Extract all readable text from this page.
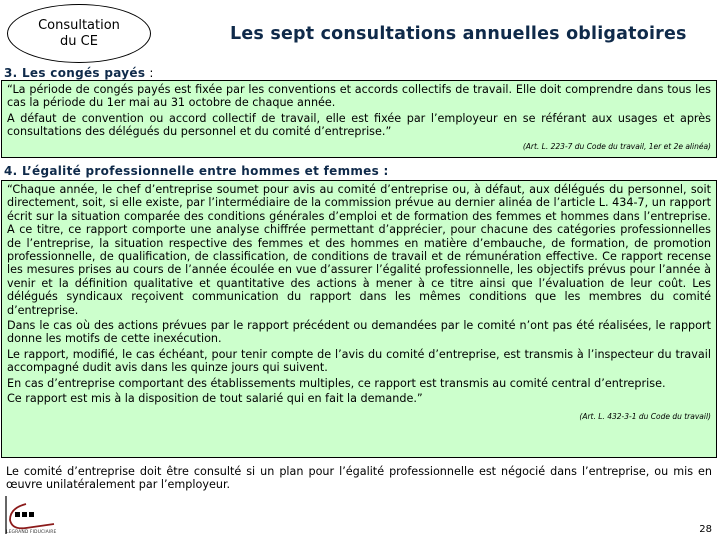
Consultation
du CE	Les sept consultations annuelles obligatoires
3. Les congés payés :

“La période de congés payés est fixée par les conventions et accords collectifs de travail. Elle doit comprendre dans tous les cas la période du 1er mai au 31 octobre de chaque année.

A défaut de convention ou accord collectif de travail, elle est fixée par l’employeur en se référant aux usages et après consultations des délégués du personnel et du comité d’entreprise.”

(Art. L. 223-7 du Code du travail, 1er et 2e alinéa)
4. L’égalité professionnelle entre hommes et femmes :

“Chaque année, le chef d’entreprise soumet pour avis au comité d’entreprise ou, à défaut, aux délégués du personnel, soit directement, soit, si elle existe, par l’intermédiaire de la commission prévue au dernier alinéa de l’article L. 434-7, un rapport écrit sur la situation comparée des conditions générales d’emploi et de formation des femmes et hommes dans l’entreprise. A ce titre, ce rapport comporte une analyse chiffrée permettant d’apprécier, pour chacune des catégories professionnelles de l’entreprise, la situation respective des femmes et des hommes en matière d’embauche, de formation, de promotion professionnelle, de qualification, de classification, de conditions de travail et de rémunération effective. Ce rapport recense les mesures prises au cours de l’année écoulée en vue d’assurer l’égalité professionnelle, les objectifs prévus pour l’année à venir et la définition qualitative et quantitative des actions à mener à ce titre ainsi que l’évaluation de leur coût. Les délégués syndicaux reçoivent communication du rapport dans les mêmes conditions que les membres du comité d’entreprise.

Dans le cas où des actions prévues par le rapport précédent ou demandées par le comité n’ont pas été réalisées, le rapport donne les motifs de cette inexécution.

Le rapport, modifié, le cas échéant, pour tenir compte de l’avis du comité d’entreprise, est transmis à l’inspecteur du travail accompagné dudit avis dans les quinze jours qui suivent.

En cas d’entreprise comportant des établissements multiples, ce rapport est transmis au comité central d’entreprise.

Ce rapport est mis à la disposition de tout salarié qui en fait la demande.”

(Art. L. 432-3-1 du Code du travail)
Le comité d’entreprise doit être consulté si un plan pour l’égalité professionnelle est négocié dans l’entreprise, ou mis en œuvre unilatéralement par l’employeur.
LEGRAND FIDUCIAIRE	28
